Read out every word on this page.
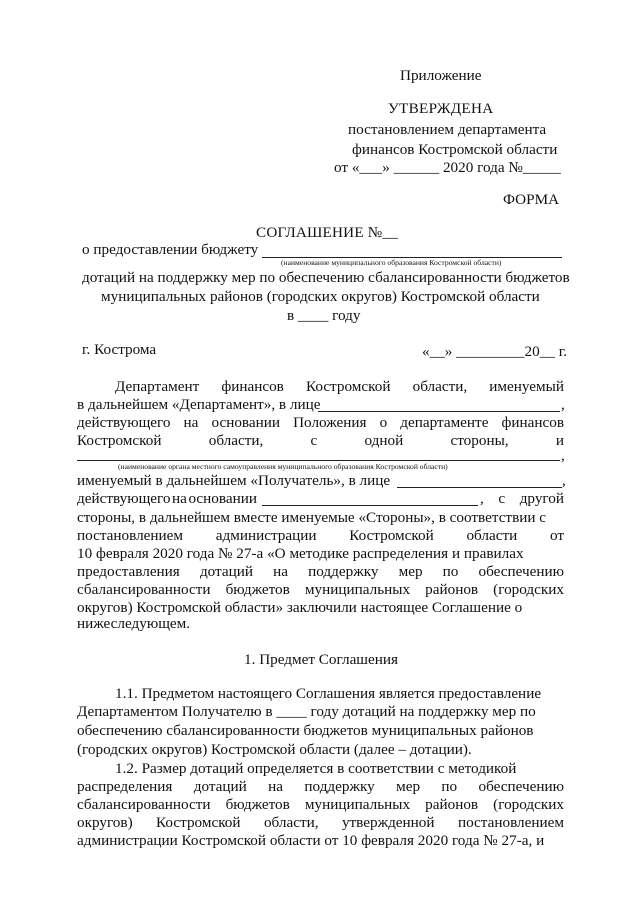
Приложение
УТВЕРЖДЕНА
постановлением департамента
финансов Костромской области
от «___» ______ 2020 года №_____
ФОРМА
СОГЛАШЕНИЕ №__
о предоставлении бюджету
(наименование муниципального образования Костромской области)
дотаций на поддержку мер по обеспечению сбалансированности бюджетов
муниципальных районов (городских округов) Костромской области
в ____ году
г. Кострома	«__» _________20__ г.
Департамент финансов Костромской области, именуемый
в дальнейшем «Департамент», в лице	,
действующего на основании Положения о департаменте финансов
Костромской	области,	с	одной	стороны,	и
,
(наименование органа местного самоуправления муниципального образования Костромской области)
именуемый в дальнейшем «Получатель», в лице	,
действующего на основании	, с другой
стороны, в дальнейшем вместе именуемые «Стороны», в соответствии с
постановлением администрации Костромской области от
10 февраля 2020 года № 27-а «О методике распределения и правилах
предоставления дотаций на поддержку мер по обеспечению
сбалансированности бюджетов муниципальных районов (городских
округов) Костромской области» заключили настоящее Соглашение о
нижеследующем.
1. Предмет Соглашения
1.1. Предметом настоящего Соглашения является предоставление
Департаментом Получателю в ____ году дотаций на поддержку мер по
обеспечению сбалансированности бюджетов муниципальных районов
(городских округов) Костромской области (далее – дотации).
1.2. Размер дотаций определяется в соответствии с методикой
распределения дотаций на поддержку мер по обеспечению
сбалансированности бюджетов муниципальных районов (городских
округов) Костромской области, утвержденной постановлением
администрации Костромской области от 10 февраля 2020 года № 27-а, и
